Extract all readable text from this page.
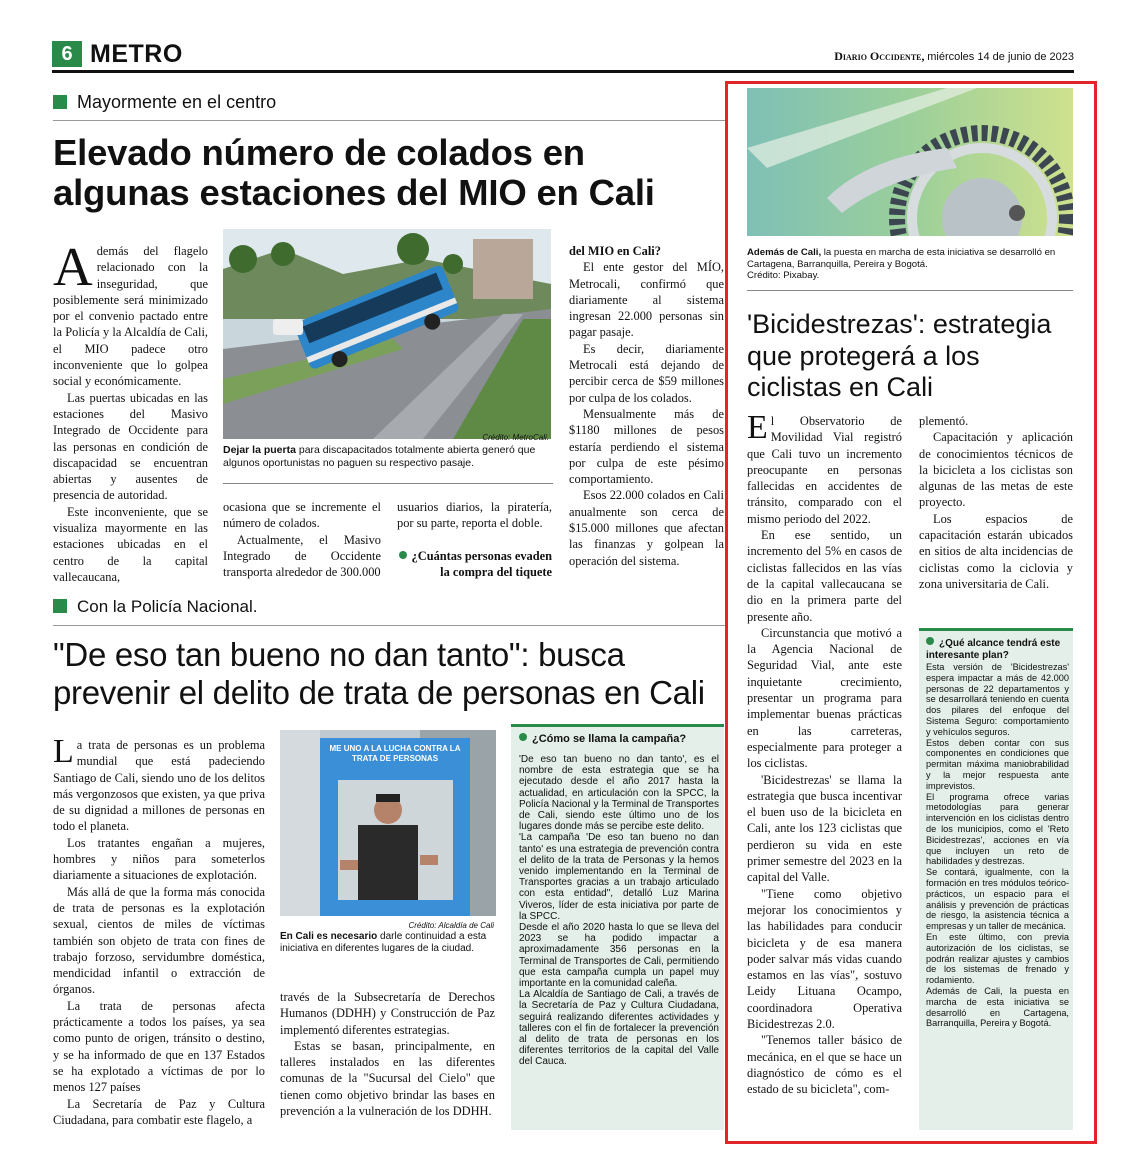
6 METRO	Diario Occidente, miércoles 14 de junio de 2023
Mayormente en el centro
Elevado número de colados en algunas estaciones del MIO en Cali

Además del flagelo relacionado con la inseguridad, que posiblemente será minimizado por el convenio pactado entre la Policía y la Alcaldía de Cali, el MIO padece otro inconveniente que lo golpea social y económicamente.

Las puertas ubicadas en las estaciones del Masivo Integrado de Occidente para las personas en condición de discapacidad se encuentran abiertas y ausentes de presencia de autoridad.

Este inconveniente, que se visualiza mayormente en las estaciones ubicadas en el centro de la capital vallecaucana,

Crédito: MetroCali.
Dejar la puerta para discapacitados totalmente abierta generó que algunos oportunistas no paguen su respectivo pasaje.

ocasiona que se incremente el número de colados.

Actualmente, el Masivo Integrado de Occidente transporta alrededor de 300.000

usuarios diarios, la piratería, por su parte, reporta el doble.

¿Cuántas personas evaden la compra del tiquete

del MIO en Cali?

El ente gestor del MÍO, Metrocali, confirmó que diariamente al sistema ingresan 22.000 personas sin pagar pasaje.

Es decir, diariamente Metrocali está dejando de percibir cerca de $59 millones por culpa de los colados.

Mensualmente más de $1180 millones de pesos estaría perdiendo el sistema por culpa de este pésimo comportamiento.

Esos 22.000 colados en Cali anualmente son cerca de $15.000 millones que afectan las finanzas y golpean la operación del sistema.

Con la Policía Nacional.
"De eso tan bueno no dan tanto": busca prevenir el delito de trata de personas en Cali

La trata de personas es un problema mundial que está padeciendo Santiago de Cali, siendo uno de los delitos más vergonzosos que existen, ya que priva de su dignidad a millones de personas en todo el planeta.

Los tratantes engañan a mujeres, hombres y niños para someterlos diariamente a situaciones de explotación.

Más allá de que la forma más conocida de trata de personas es la explotación sexual, cientos de miles de víctimas también son objeto de trata con fines de trabajo forzoso, servidumbre doméstica, mendicidad infantil o extracción de órganos.

La trata de personas afecta prácticamente a todos los países, ya sea como punto de origen, tránsito o destino, y se ha informado de que en 137 Estados se ha explotado a víctimas de por lo menos 127 países

La Secretaría de Paz y Cultura Ciudadana, para combatir este flagelo, a

ME UNO A LA LUCHA CONTRA LA TRATA DE PERSONAS
Crédito: Alcaldía de Cali
En Cali es necesario darle continuidad a esta iniciativa en diferentes lugares de la ciudad.

través de la Subsecretaría de Derechos Humanos (DDHH) y Construcción de Paz implementó diferentes estrategias.

Estas se basan, principalmente, en talleres instalados en las diferentes comunas de la "Sucursal del Cielo" que tienen como objetivo brindar las bases en prevención a la vulneración de los DDHH.

¿Cómo se llama la campaña?

'De eso tan bueno no dan tanto', es el nombre de esta estrategia que se ha ejecutado desde el año 2017 hasta la actualidad, en articulación con la SPCC, la Policía Nacional y la Terminal de Transportes de Cali, siendo este último uno de los lugares donde más se percibe este delito.

'La campaña 'De eso tan bueno no dan tanto' es una estrategia de prevención contra el delito de la trata de Personas y la hemos venido implementando en la Terminal de Transportes gracias a un trabajo articulado con esta entidad", detalló Luz Marina Viveros, líder de esta iniciativa por parte de la SPCC.

Desde el año 2020 hasta lo que se lleva del 2023 se ha podido impactar a aproximadamente 356 personas en la Terminal de Transportes de Cali, permitiendo que esta campaña cumpla un papel muy importante en la comunidad caleña.

La Alcaldía de Santiago de Cali, a través de la Secretaría de Paz y Cultura Ciudadana, seguirá realizando diferentes actividades y talleres con el fin de fortalecer la prevención al delito de trata de personas en los diferentes territorios de la capital del Valle del Cauca.

Además de Cali, la puesta en marcha de esta iniciativa se desarrolló en Cartagena, Barranquilla, Pereira y Bogotá.
Crédito: Pixabay.
'Bicidestrezas': estrategia que protegerá a los ciclistas en Cali

El Observatorio de Movilidad Vial registró que Cali tuvo un incremento preocupante en personas fallecidas en accidentes de tránsito, comparado con el mismo periodo del 2022.

En ese sentido, un incremento del 5% en casos de ciclistas fallecidos en las vías de la capital vallecaucana se dio en la primera parte del presente año.

Circunstancia que motivó a la Agencia Nacional de Seguridad Vial, ante este inquietante crecimiento, presentar un programa para implementar buenas prácticas en las carreteras, especialmente para proteger a los ciclistas.

'Bicidestrezas' se llama la estrategia que busca incentivar el buen uso de la bicicleta en Cali, ante los 123 ciclistas que perdieron su vida en este primer semestre del 2023 en la capital del Valle.

"Tiene como objetivo mejorar los conocimientos y las habilidades para conducir bicicleta y de esa manera poder salvar más vidas cuando estamos en las vías", sostuvo Leidy Lituana Ocampo, coordinadora Operativa Bicidestrezas 2.0.

"Tenemos taller básico de mecánica, en el que se hace un diagnóstico de cómo es el estado de su bicicleta", com-

plementó.

Capacitación y aplicación de conocimientos técnicos de la bicicleta a los ciclistas son algunas de las metas de este proyecto.

Los espacios de capacitación estarán ubicados en sitios de alta incidencias de ciclistas como la ciclovia y zona universitaria de Cali.

¿Qué alcance tendrá este interesante plan?

Esta versión de 'Bicidestrezas' espera impactar a más de 42.000 personas de 22 departamentos y se desarrollará teniendo en cuenta dos pilares del enfoque del Sistema Seguro: comportamiento y vehículos seguros.

Estos deben contar con sus componentes en condiciones que permitan máxima maniobrabilidad y la mejor respuesta ante imprevistos.

El programa ofrece varias metodologías para generar intervención en los ciclistas dentro de los municipios, como el 'Reto Bicidestrezas', acciones en vía que incluyen un reto de habilidades y destrezas.

Se contará, igualmente, con la formación en tres módulos teórico-prácticos, un espacio para el análisis y prevención de prácticas de riesgo, la asistencia técnica a empresas y un taller de mecánica.

En este último, con previa autorización de los ciclistas, se podrán realizar ajustes y cambios de los sistemas de frenado y rodamiento.

Además de Cali, la puesta en marcha de esta iniciativa se desarrolló en Cartagena, Barranquilla, Pereira y Bogotá.
